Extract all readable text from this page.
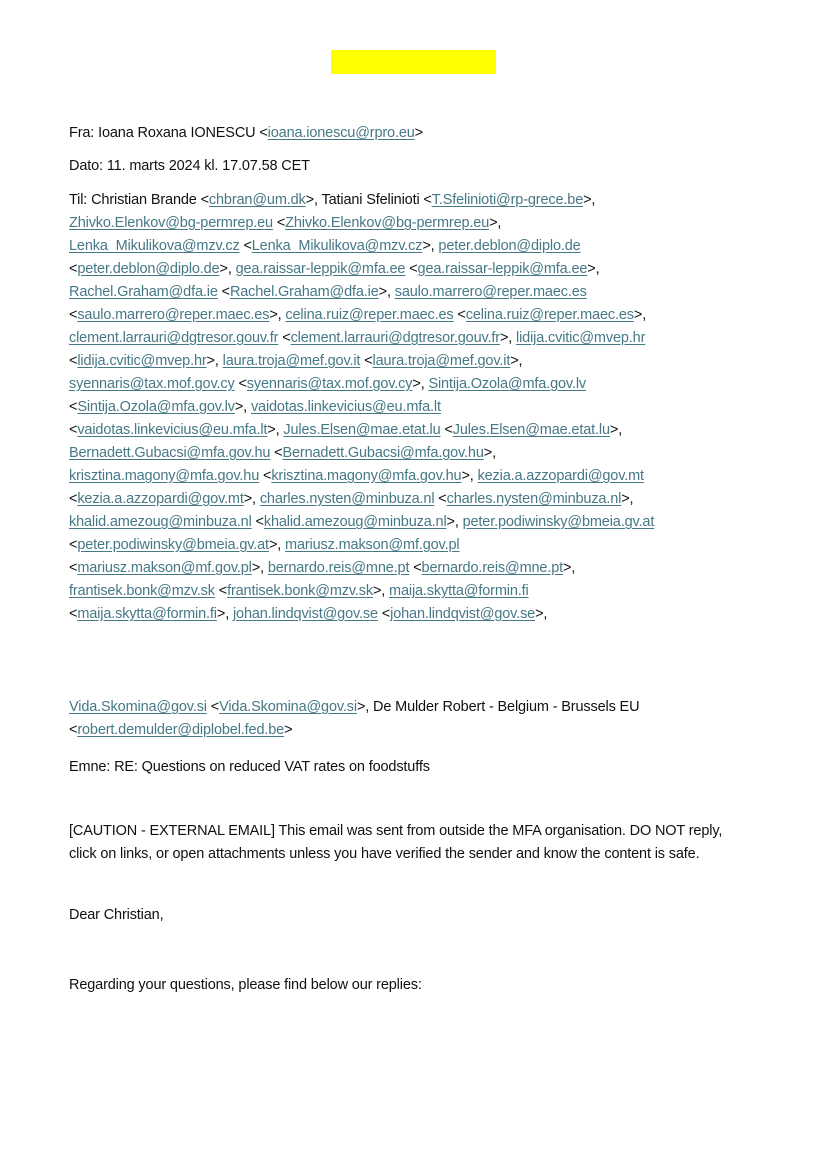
Fra: Ioana Roxana IONESCU <ioana.ionescu@rpro.eu>
Dato: 11. marts 2024 kl. 17.07.58 CET
Til: Christian Brande <chbran@um.dk>, Tatiani Sfelinioti <T.Sfelinioti@rp-grece.be>,
Zhivko.Elenkov@bg-permrep.eu <Zhivko.Elenkov@bg-permrep.eu>,
Lenka_Mikulikova@mzv.cz <Lenka_Mikulikova@mzv.cz>, peter.deblon@diplo.de
<peter.deblon@diplo.de>, gea.raissar-leppik@mfa.ee <gea.raissar-leppik@mfa.ee>,
Rachel.Graham@dfa.ie <Rachel.Graham@dfa.ie>, saulo.marrero@reper.maec.es
<saulo.marrero@reper.maec.es>, celina.ruiz@reper.maec.es <celina.ruiz@reper.maec.es>,
clement.larrauri@dgtresor.gouv.fr <clement.larrauri@dgtresor.gouv.fr>, lidija.cvitic@mvep.hr
<lidija.cvitic@mvep.hr>, laura.troja@mef.gov.it <laura.troja@mef.gov.it>,
syennaris@tax.mof.gov.cy <syennaris@tax.mof.gov.cy>, Sintija.Ozola@mfa.gov.lv
<Sintija.Ozola@mfa.gov.lv>, vaidotas.linkevicius@eu.mfa.lt
<vaidotas.linkevicius@eu.mfa.lt>, Jules.Elsen@mae.etat.lu <Jules.Elsen@mae.etat.lu>,
Bernadett.Gubacsi@mfa.gov.hu <Bernadett.Gubacsi@mfa.gov.hu>,
krisztina.magony@mfa.gov.hu <krisztina.magony@mfa.gov.hu>, kezia.a.azzopardi@gov.mt
<kezia.a.azzopardi@gov.mt>, charles.nysten@minbuza.nl <charles.nysten@minbuza.nl>,
khalid.amezoug@minbuza.nl <khalid.amezoug@minbuza.nl>, peter.podiwinsky@bmeia.gv.at
<peter.podiwinsky@bmeia.gv.at>, mariusz.makson@mf.gov.pl
<mariusz.makson@mf.gov.pl>, bernardo.reis@mne.pt <bernardo.reis@mne.pt>,
frantisek.bonk@mzv.sk <frantisek.bonk@mzv.sk>, maija.skytta@formin.fi
<maija.skytta@formin.fi>, johan.lindqvist@gov.se <johan.lindqvist@gov.se>,
Vida.Skomina@gov.si <Vida.Skomina@gov.si>, De Mulder Robert - Belgium - Brussels EU
<robert.demulder@diplobel.fed.be>
Emne: RE: Questions on reduced VAT rates on foodstuffs

[CAUTION - EXTERNAL EMAIL] This email was sent from outside the MFA organisation. DO NOT reply, click on links, or open attachments unless you have verified the sender and know the content is safe.

Dear Christian,
Regarding your questions, please find below our replies:
